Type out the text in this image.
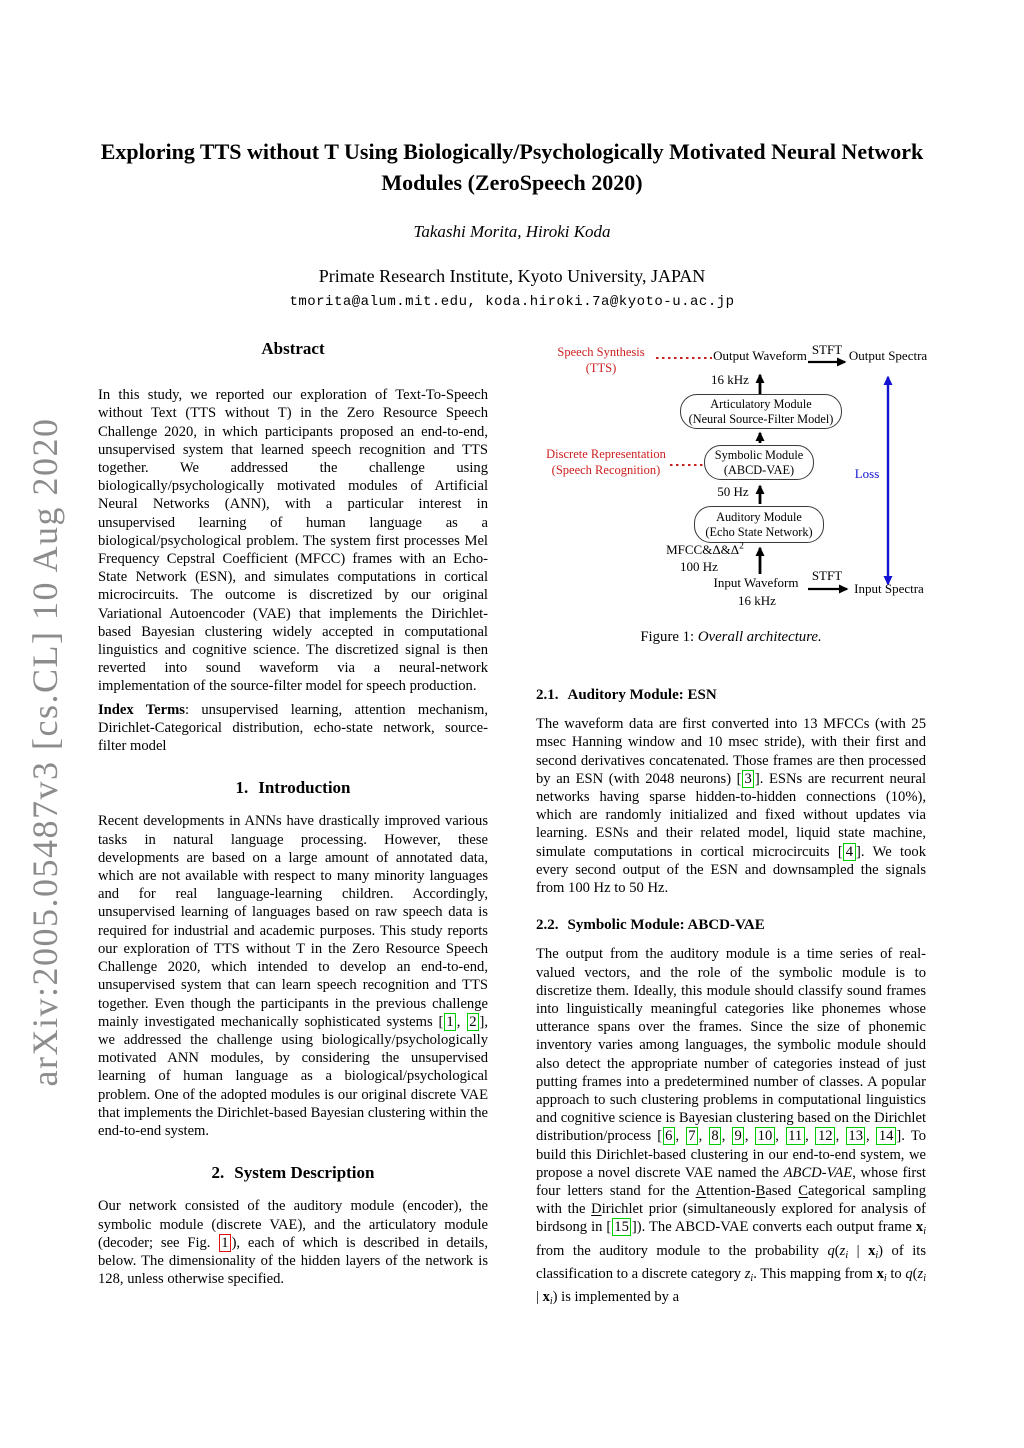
arXiv:2005.05487v3 [cs.CL] 10 Aug 2020
Exploring TTS without T Using Biologically/Psychologically Motivated Neural Network Modules (ZeroSpeech 2020)
Takashi Morita, Hiroki Koda
Primate Research Institute, Kyoto University, JAPAN
tmorita@alum.mit.edu, koda.hiroki.7a@kyoto-u.ac.jp
Abstract

In this study, we reported our exploration of Text-To-Speech without Text (TTS without T) in the Zero Resource Speech Challenge 2020, in which participants proposed an end-to-end, unsupervised system that learned speech recognition and TTS together. We addressed the challenge using biologically/psychologically motivated modules of Artificial Neural Networks (ANN), with a particular interest in unsupervised learning of human language as a biological/psychological problem. The system first processes Mel Frequency Cepstral Coefficient (MFCC) frames with an Echo-State Network (ESN), and simulates computations in cortical microcircuits. The outcome is discretized by our original Variational Autoencoder (VAE) that implements the Dirichlet-based Bayesian clustering widely accepted in computational linguistics and cognitive science. The discretized signal is then reverted into sound waveform via a neural-network implementation of the source-filter model for speech production.

Index Terms: unsupervised learning, attention mechanism, Dirichlet-Categorical distribution, echo-state network, source-filter model

1. Introduction

Recent developments in ANNs have drastically improved various tasks in natural language processing. However, these developments are based on a large amount of annotated data, which are not available with respect to many minority languages and for real language-learning children. Accordingly, unsupervised learning of languages based on raw speech data is required for industrial and academic purposes. This study reports our exploration of TTS without T in the Zero Resource Speech Challenge 2020, which intended to develop an end-to-end, unsupervised system that can learn speech recognition and TTS together. Even though the participants in the previous challenge mainly investigated mechanically sophisticated systems [ 1 , 2 ], we addressed the challenge using biologically/psychologically motivated ANN modules, by considering the unsupervised learning of human language as a biological/psychological problem. One of the adopted modules is our original discrete VAE that implements the Dirichlet-based Bayesian clustering within the end-to-end system.

2. System Description

Our network consisted of the auditory module (encoder), the symbolic module (discrete VAE), and the articulatory module (decoder; see Fig. 1 ), each of which is described in details, below. The dimensionality of the hidden layers of the network is 128, unless otherwise specified.

Speech Synthesis
(TTS)
Output Waveform STFT Output Spectra
16 kHz
Articulatory Module
(Neural Source-Filter Model)
Discrete Representation
(Speech Recognition)
Symbolic Module
(ABCD-VAE)
50 Hz
Auditory Module
(Echo State Network)
$MFCC\&\Delta\&\Delta^2$
100 Hz
Input Waveform	STFT
Input Spectra
16 kHz
Loss
Figure 1: Overall architecture.
2.1. Auditory Module: ESN

The waveform data are first converted into 13 MFCCs (with 25 msec Hanning window and 10 msec stride), with their first and second derivatives concatenated. Those frames are then processed by an ESN (with 2048 neurons) [ 3 ]. ESNs are recurrent neural networks having sparse hidden-to-hidden connections (10%), which are randomly initialized and fixed without updates via learning. ESNs and their related model, liquid state machine, simulate computations in cortical microcircuits [ 4 ]. We took every second output of the ESN and downsampled the signals from 100 Hz to 50 Hz.

2.2. Symbolic Module: ABCD-VAE

The output from the auditory module is a time series of real-valued vectors, and the role of the symbolic module is to discretize them. Ideally, this module should classify sound frames into linguistically meaningful categories like phonemes whose utterance spans over the frames. Since the size of phonemic inventory varies among languages, the symbolic module should also detect the appropriate number of categories instead of just putting frames into a predetermined number of classes. A popular approach to such clustering problems in computational linguistics and cognitive science is Bayesian clustering based on the Dirichlet distribution/process [ 6 , 7 , 8 , 9 , 10 , 11 , 12 , 13 , 14 ]. To build this Dirichlet-based clustering in our end-to-end system, we propose a novel discrete VAE named the ABCD-VAE, whose first four letters stand for the Attention-Based Categorical sampling with the Dirichlet prior (simultaneously explored for analysis of birdsong in [ 15 ]). The ABCD-VAE converts each output frame $x_i$ from the auditory module to the probability $q(z_i$ | $x_i$) of its classification to a discrete category $z_i$. This mapping from $x_i$ to $q(z_i$ | $x_i$) is implemented by a
